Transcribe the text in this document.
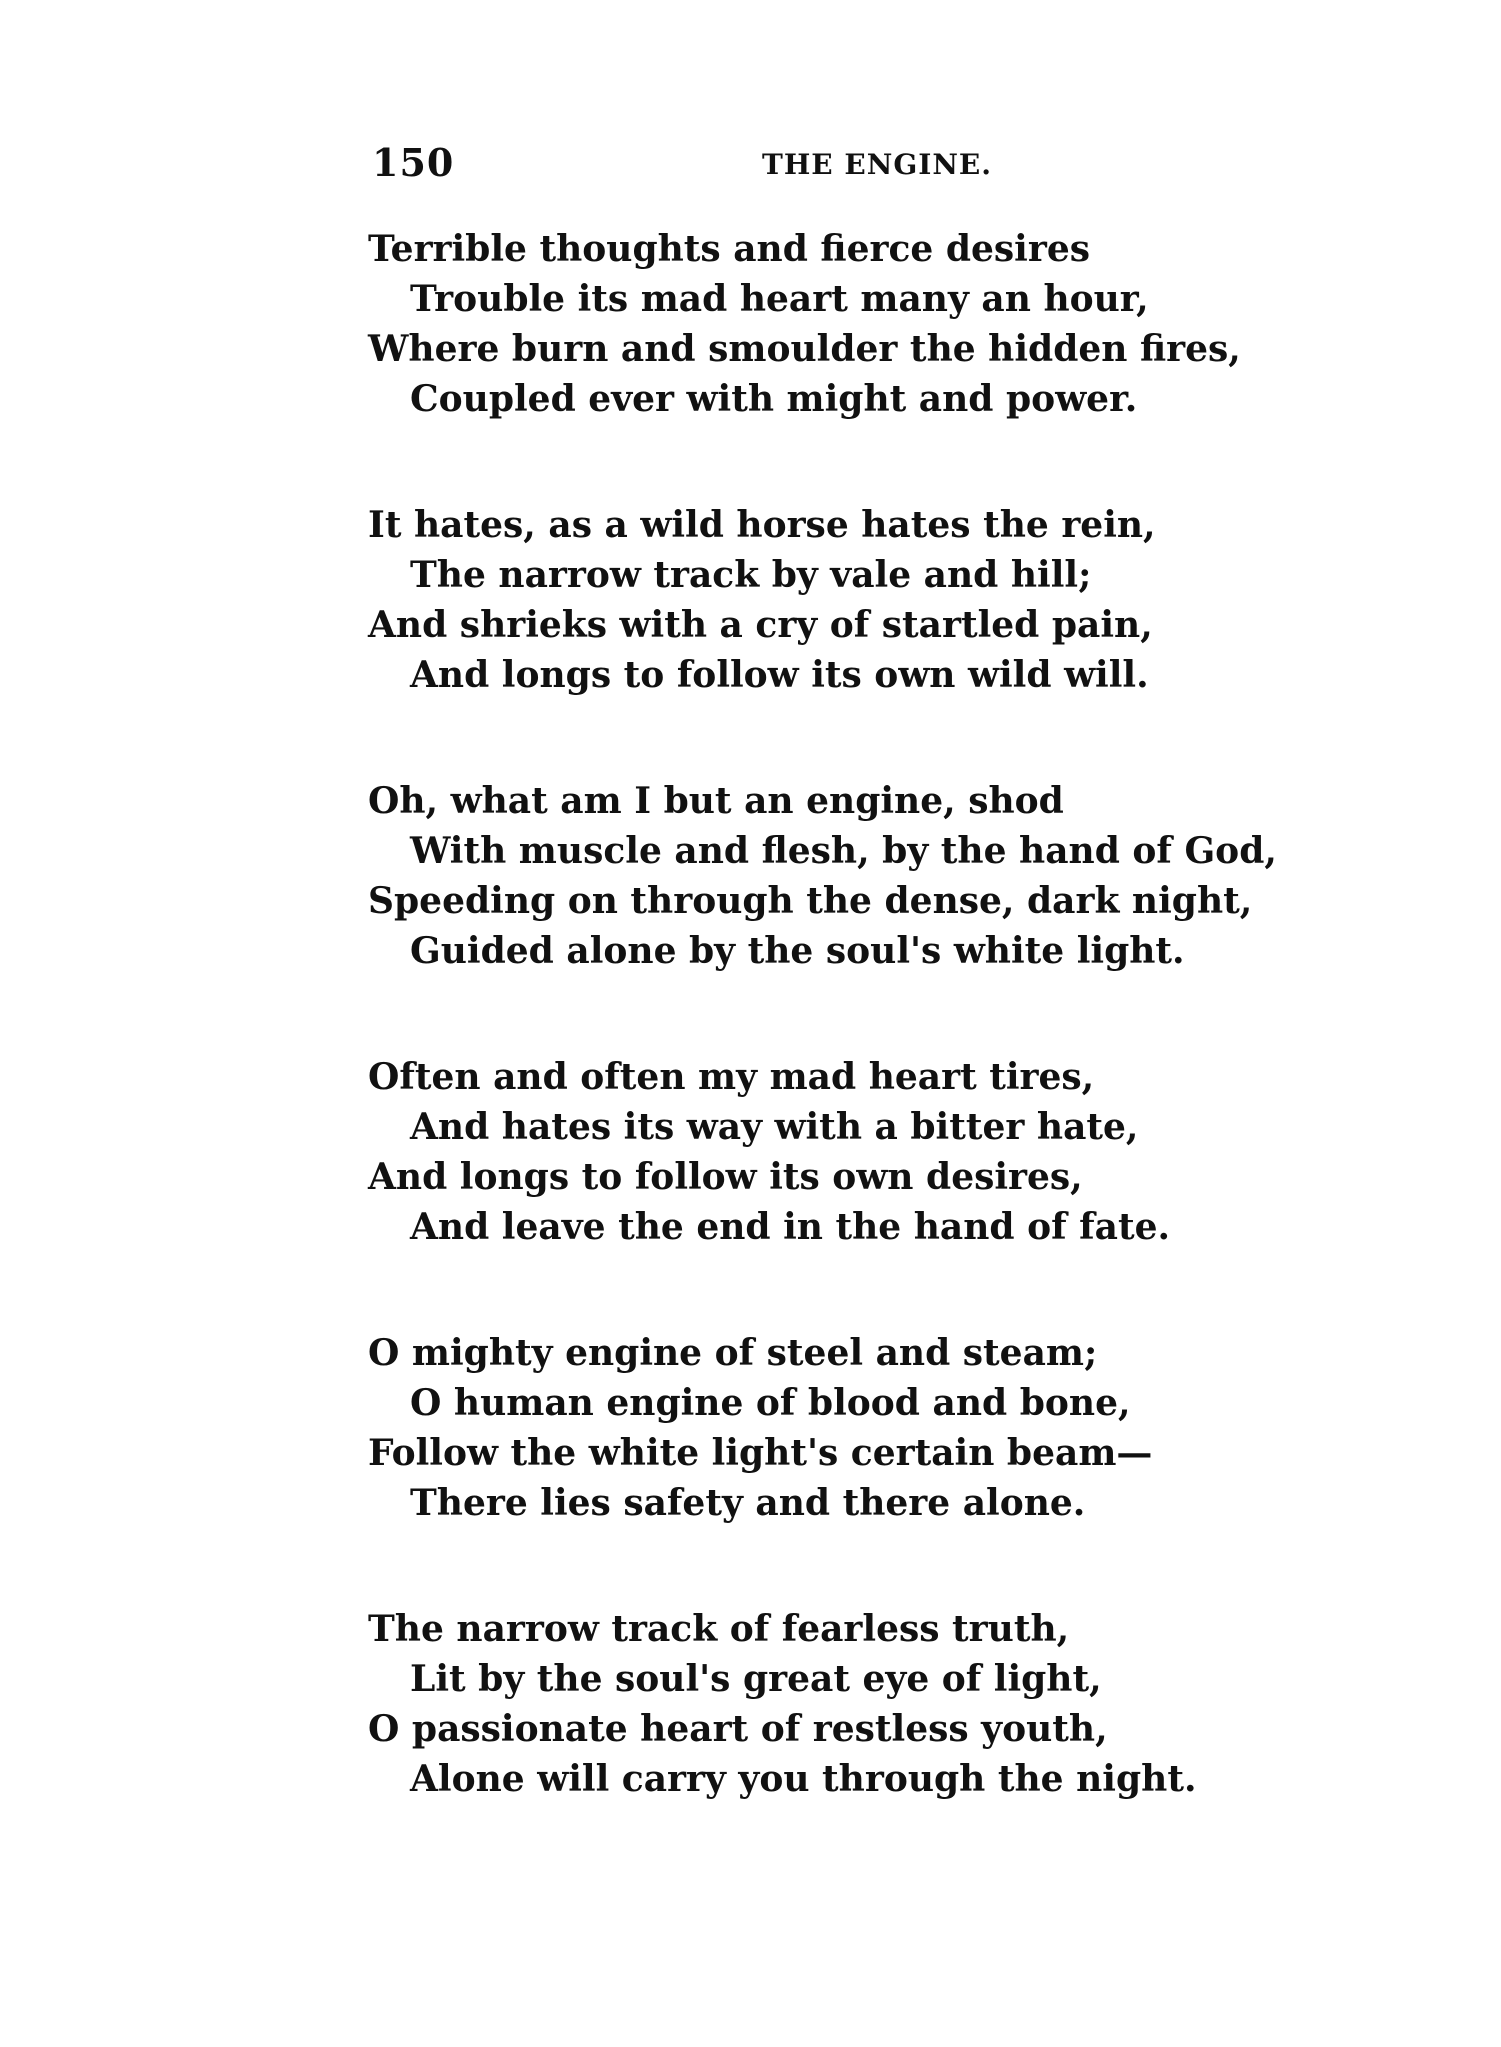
150	THE ENGINE.
Terrible thoughts and fierce desires
Trouble its mad heart many an hour,
Where burn and smoulder the hidden fires,
Coupled ever with might and power.
It hates, as a wild horse hates the rein,
The narrow track by vale and hill;
And shrieks with a cry of startled pain,
And longs to follow its own wild will.
Oh, what am I but an engine, shod
With muscle and flesh, by the hand of God,
Speeding on through the dense, dark night,
Guided alone by the soul's white light.
Often and often my mad heart tires,
And hates its way with a bitter hate,
And longs to follow its own desires,
And leave the end in the hand of fate.
O mighty engine of steel and steam;
O human engine of blood and bone,
Follow the white light's certain beam—
There lies safety and there alone.
The narrow track of fearless truth,
Lit by the soul's great eye of light,
O passionate heart of restless youth,
Alone will carry you through the night.
